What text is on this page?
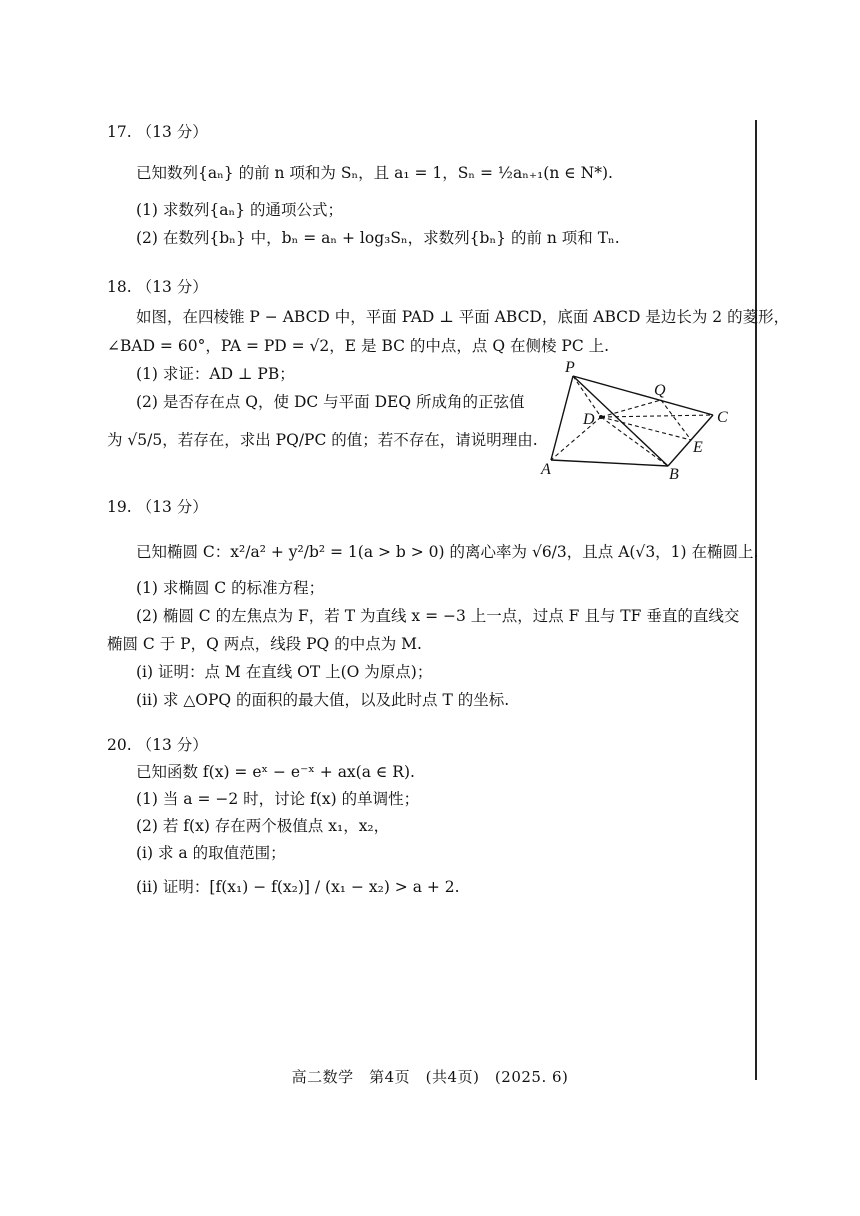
17. （13 分）
已知数列{aₙ} 的前 n 项和为 Sₙ，且 a₁ = 1，Sₙ = ½aₙ₊₁(n ∈ N*).
(1) 求数列{aₙ} 的通项公式；
(2) 在数列{bₙ} 中，bₙ = aₙ + log₃Sₙ，求数列{bₙ} 的前 n 项和 Tₙ.
18. （13 分）
如图，在四棱锥 P − ABCD 中，平面 PAD ⊥ 平面 ABCD，底面 ABCD 是边长为 2 的菱形，
∠BAD = 60°，PA = PD = √2，E 是 BC 的中点，点 Q 在侧棱 PC 上.
(1) 求证：AD ⊥ PB；
(2) 是否存在点 Q，使 DC 与平面 DEQ 所成角的正弦值
为 √5/5，若存在，求出 PQ/PC 的值；若不存在，请说明理由.
P
Q
D	C
E
A	B
19. （13 分）
已知椭圆 C：x²/a² + y²/b² = 1(a > b > 0) 的离心率为 √6/3，且点 A(√3，1) 在椭圆上.
(1) 求椭圆 C 的标准方程；
(2) 椭圆 C 的左焦点为 F，若 T 为直线 x = −3 上一点，过点 F 且与 TF 垂直的直线交
椭圆 C 于 P，Q 两点，线段 PQ 的中点为 M.
(i) 证明：点 M 在直线 OT 上(O 为原点)；
(ii) 求 △OPQ 的面积的最大值，以及此时点 T 的坐标.
20. （13 分）
已知函数 f(x) = eˣ − e⁻ˣ + ax(a ∈ R).
(1) 当 a = −2 时，讨论 f(x) 的单调性；
(2) 若 f(x) 存在两个极值点 x₁，x₂，
(i) 求 a 的取值范围；
(ii) 证明：[f(x₁) − f(x₂)] / (x₁ − x₂) > a + 2.
高二数学　第4页　(共4页)　(2025. 6)
